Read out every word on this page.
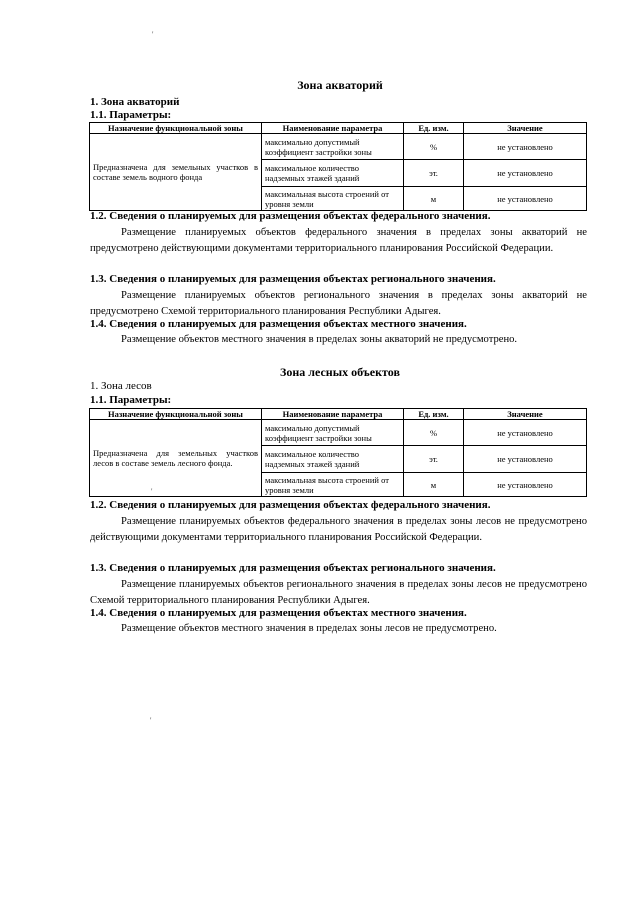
'
Зона акваторий
1. Зона акваторий
1.1. Параметры:
Назначение функциональной зоны	Наименование параметра	Ед. изм.	Значение
Предназначена для земельных участков в составе земель водного фонда	максимально допустимый коэффициент застройки зоны	%	не установлено
	максимальное количество надземных этажей зданий	эт.	не установлено
	максимальная высота строений от уровня земли	м	не установлено
1.2. Сведения о планируемых для размещения объектах федерального значения.
Размещение планируемых объектов федерального значения в пределах зоны акваторий не предусмотрено действующими документами территориального планирования Российской Федерации.
1.3. Сведения о планируемых для размещения объектах регионального значения.
Размещение планируемых объектов регионального значения в пределах зоны акваторий не предусмотрено Схемой территориального планирования Республики Адыгея.
1.4. Сведения о планируемых для размещения объектах местного значения.
Размещение объектов местного значения в пределах зоны акваторий не предусмотрено.
Зона лесных объектов
1. Зона лесов
1.1. Параметры:
Назначение функциональной зоны	Наименование параметра	Ед. изм.	Значение
Предназначена для земельных участков лесов в составе земель лесного фонда.	максимально допустимый коэффициент застройки зоны	%	не установлено
	максимальное количество надземных этажей зданий	эт.	не установлено
	максимальная высота строений от уровня земли	м	не установлено
'
1.2. Сведения о планируемых для размещения объектах федерального значения.
Размещение планируемых объектов федерального значения в пределах зоны лесов не предусмотрено действующими документами территориального планирования Российской Федерации.
1.3. Сведения о планируемых для размещения объектах регионального значения.
Размещение планируемых объектов регионального значения в пределах зоны лесов не предусмотрено Схемой территориального планирования Республики Адыгея.
1.4. Сведения о планируемых для размещения объектах местного значения.
Размещение объектов местного значения в пределах зоны лесов не предусмотрено.
'
